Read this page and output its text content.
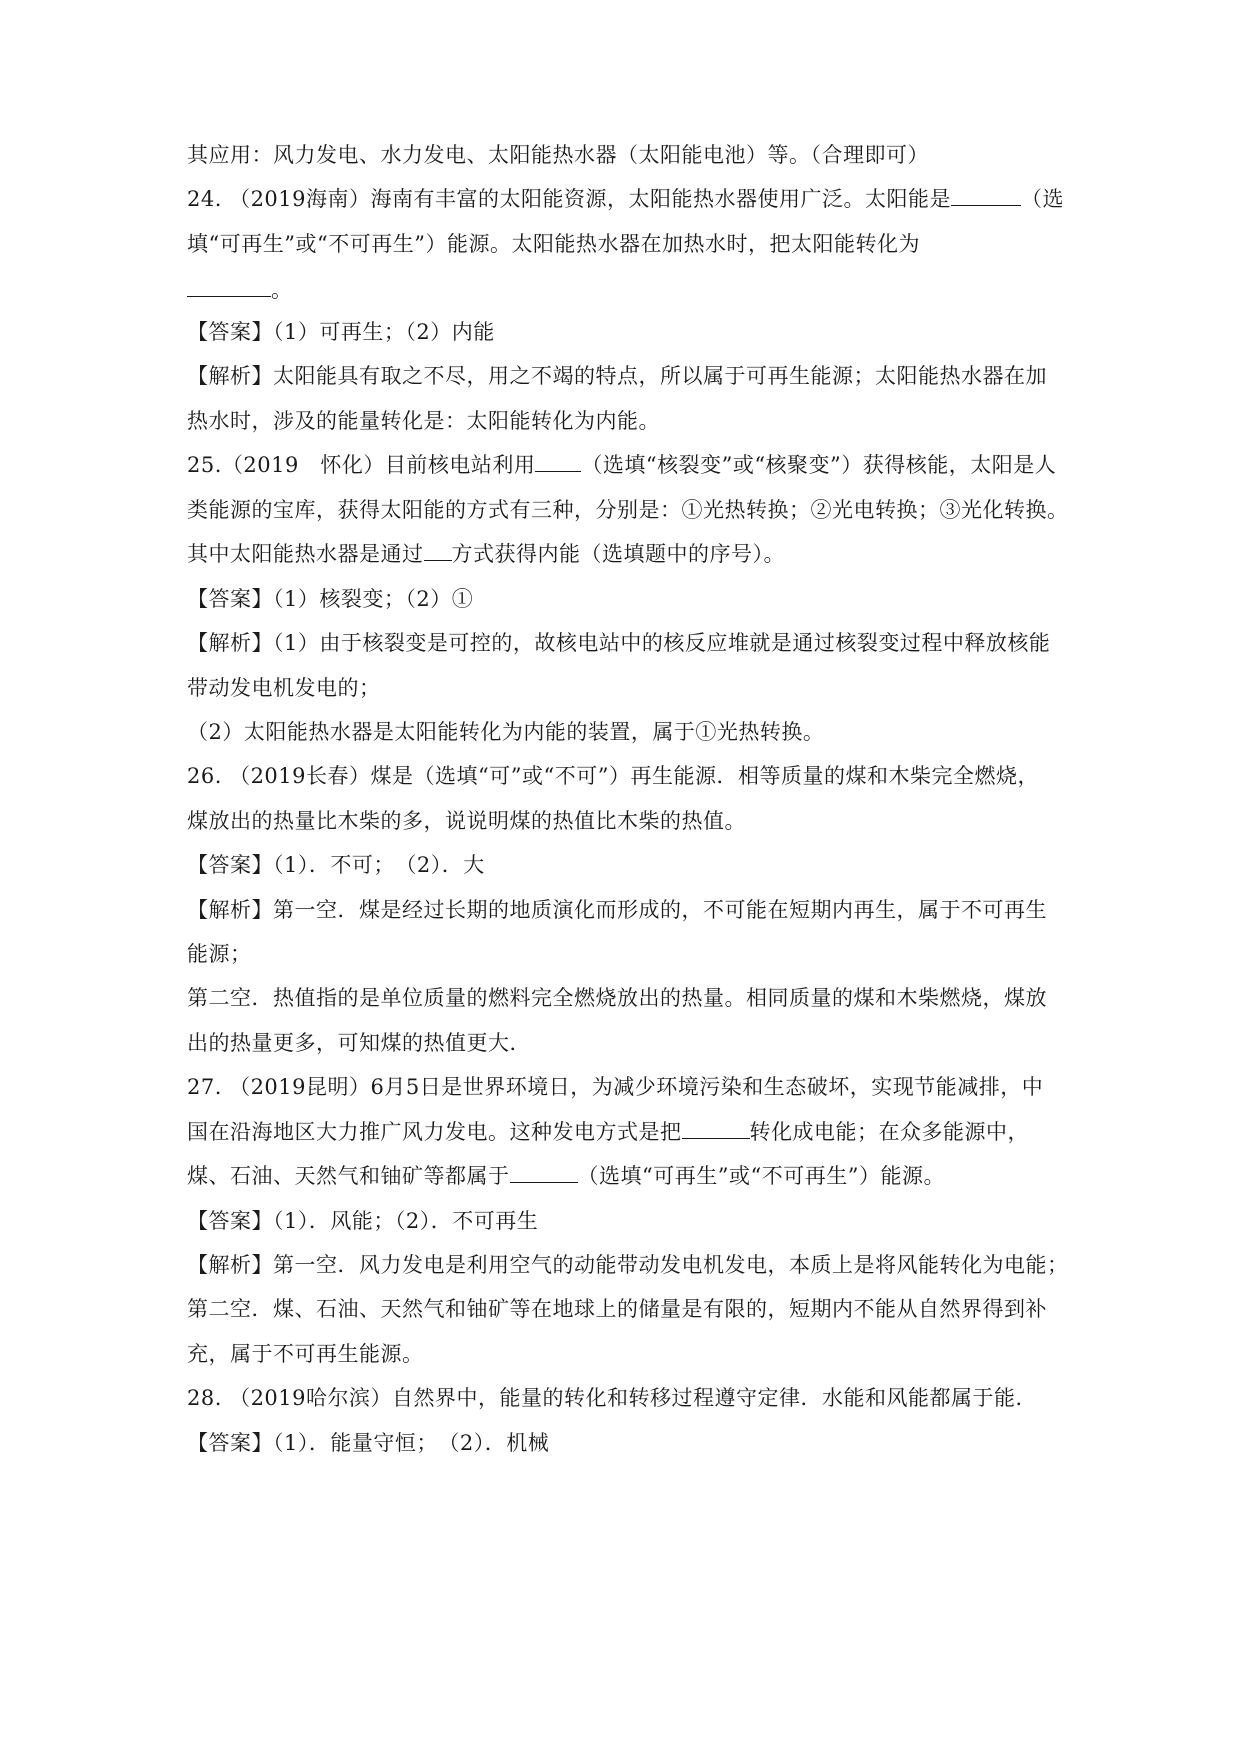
其应用：风力发电、水力发电、太阳能热水器（太阳能电池）等。（合理即可）
24. （2019海南）海南有丰富的太阳能资源，太阳能热水器使用广泛。太阳能是	（选
填“可再生”或“不可再生”）能源。太阳能热水器在加热水时，把太阳能转化为
。
【答案】（1）可再生；（2）内能
【解析】太阳能具有取之不尽，用之不竭的特点，所以属于可再生能源；太阳能热水器在加
热水时，涉及的能量转化是：太阳能转化为内能。
25.（2019　怀化）目前核电站利用 （选填“核裂变”或“核聚变”）获得核能，太阳是人
类能源的宝库，获得太阳能的方式有三种，分别是：①光热转换；②光电转换；③光化转换。
其中太阳能热水器是通过 方式获得内能（选填题中的序号）。
【答案】（1）核裂变；（2）①
【解析】（1）由于核裂变是可控的，故核电站中的核反应堆就是通过核裂变过程中释放核能
带动发电机发电的；
（2）太阳能热水器是太阳能转化为内能的装置，属于①光热转换。
26. （2019长春）煤是（选填“可”或“不可”）再生能源．相等质量的煤和木柴完全燃烧，
煤放出的热量比木柴的多，说说明煤的热值比木柴的热值。
【答案】（1）．不可；　（2）．大
【解析】第一空．煤是经过长期的地质演化而形成的，不可能在短期内再生，属于不可再生
能源；
第二空．热值指的是单位质量的燃料完全燃烧放出的热量。相同质量的煤和木柴燃烧，煤放
出的热量更多，可知煤的热值更大．
27. （2019昆明）6月5日是世界环境日，为减少环境污染和生态破坏，实现节能减排，中
国在沿海地区大力推广风力发电。这种发电方式是把	转化成电能；在众多能源中，
煤、石油、天然气和铀矿等都属于	（选填“可再生”或“不可再生”）能源。
【答案】（1）．风能；（2）．不可再生
【解析】第一空．风力发电是利用空气的动能带动发电机发电，本质上是将风能转化为电能；
第二空．煤、石油、天然气和铀矿等在地球上的储量是有限的，短期内不能从自然界得到补
充，属于不可再生能源。
28. （2019哈尔滨）自然界中，能量的转化和转移过程遵守定律．水能和风能都属于能．
【答案】（1）．能量守恒；　（2）．机械
